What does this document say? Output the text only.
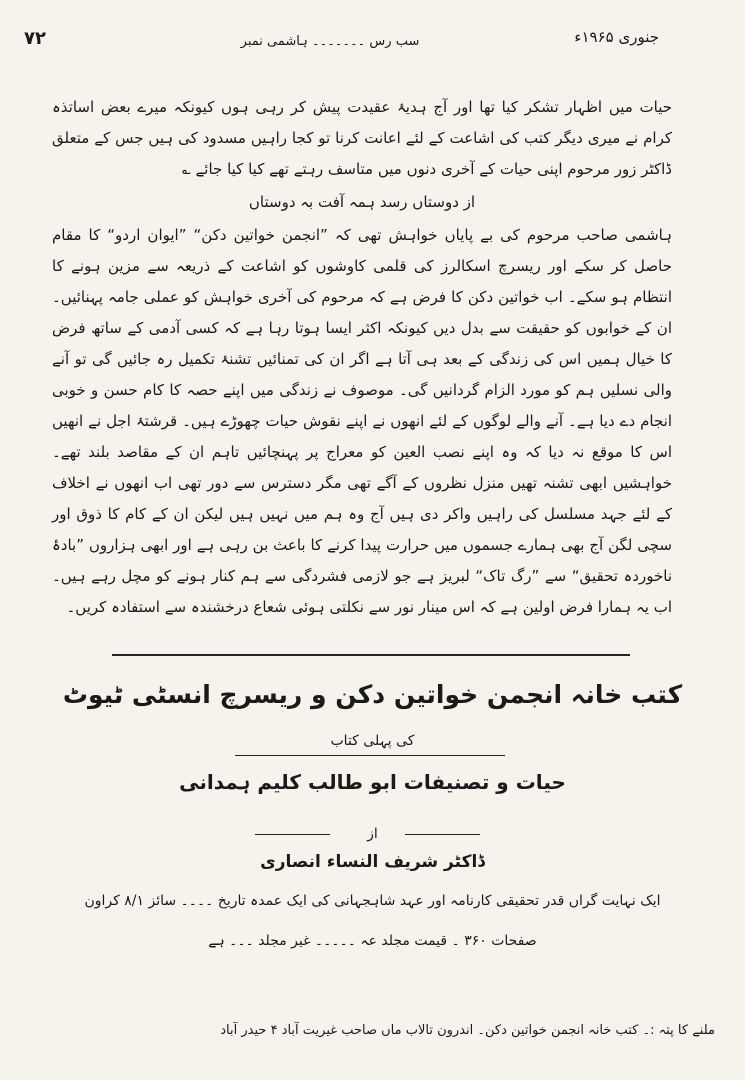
۷۲	سب رس ۔۔۔۔۔۔۔ ہاشمی نمبر	جنوری ۱۹۶۵ء

حیات میں اظہار تشکر کیا تھا اور آج ہدیۂ عقیدت پیش کر رہی ہوں کیونکہ میرے بعض اساتذہ کرام نے میری دیگر کتب کی اشاعت کے لئے اعانت کرنا تو کجا راہیں مسدود کی ہیں جس کے متعلق ڈاکٹر زور مرحوم اپنی حیات کے آخری دنوں میں متاسف رہتے تھے کیا کیا جائے ؎

از دوستاں رسد ہمہ آفت بہ دوستاں

ہاشمی صاحب مرحوم کی بے پایاں خواہش تھی کہ ”انجمن خواتین دکن“ ”ایوان اردو“ کا مقام حاصل کر سکے اور ریسرچ اسکالرز کی قلمی کاوشوں کو اشاعت کے ذریعہ سے مزین ہونے کا انتظام ہو سکے۔ اب خواتین دکن کا فرض ہے کہ مرحوم کی آخری خواہش کو عملی جامہ پہنائیں۔ ان کے خوابوں کو حقیقت سے بدل دیں کیونکہ اکثر ایسا ہوتا رہا ہے کہ کسی آدمی کے ساتھ فرض کا خیال ہمیں اس کی زندگی کے بعد ہی آتا ہے اگر ان کی تمنائیں تشنۂ تکمیل رہ جائیں گی تو آنے والی نسلیں ہم کو مورد الزام گردانیں گی۔ موصوف نے زندگی میں اپنے حصہ کا کام حسن و خوبی انجام دے دیا ہے۔ آنے والے لوگوں کے لئے انھوں نے اپنے نقوش حیات چھوڑے ہیں۔ قرشتۂ اجل نے انھیں اس کا موقع نہ دیا کہ وہ اپنے نصب العین کو معراج پر پہنچائیں تاہم ان کے مقاصد بلند تھے۔ خواہشیں ابھی تشنہ تھیں منزل نظروں کے آگے تھی مگر دسترس سے دور تھی اب انھوں نے اخلاف کے لئے جہد مسلسل کی راہیں واکر دی ہیں آج وہ ہم میں نہیں ہیں لیکن ان کے کام کا ذوق اور سچی لگن آج بھی ہمارے جسموں میں حرارت پیدا کرنے کا باعث بن رہی ہے اور ابھی ہزاروں ”بادۂ ناخوردہ تحقیق“ سے ”رگ تاک“ لبریز ہے جو لازمی فشردگی سے ہم کنار ہونے کو مچل رہے ہیں۔ اب یہ ہمارا فرض اولین ہے کہ اس مینار نور سے نکلتی ہوئی شعاع درخشندہ سے استفادہ کریں۔

کتب خانہ انجمن خواتین دکن و ریسرچ انسٹی ٹیوٹ
کی پہلی کتاب
حیات و تصنیفات ابو طالب کلیم ہمدانی
از
ڈاکٹر شریف النساء انصاری
ایک نہایت گراں قدر تحقیقی کارنامہ اور عہد شاہجہانی کی ایک عمدہ تاریخ ۔۔۔۔ سائز ۸/۱ کراون
صفحات ۳۶۰ ۔ قیمت مجلد عہ ۔۔۔۔۔ غیر مجلد ۔۔۔ ہے
ملنے کا پتہ :۔ کتب خانہ انجمن خواتین دکن۔ اندرون تالاب ماں صاحب غیریت آباد ۴ حیدر آباد
